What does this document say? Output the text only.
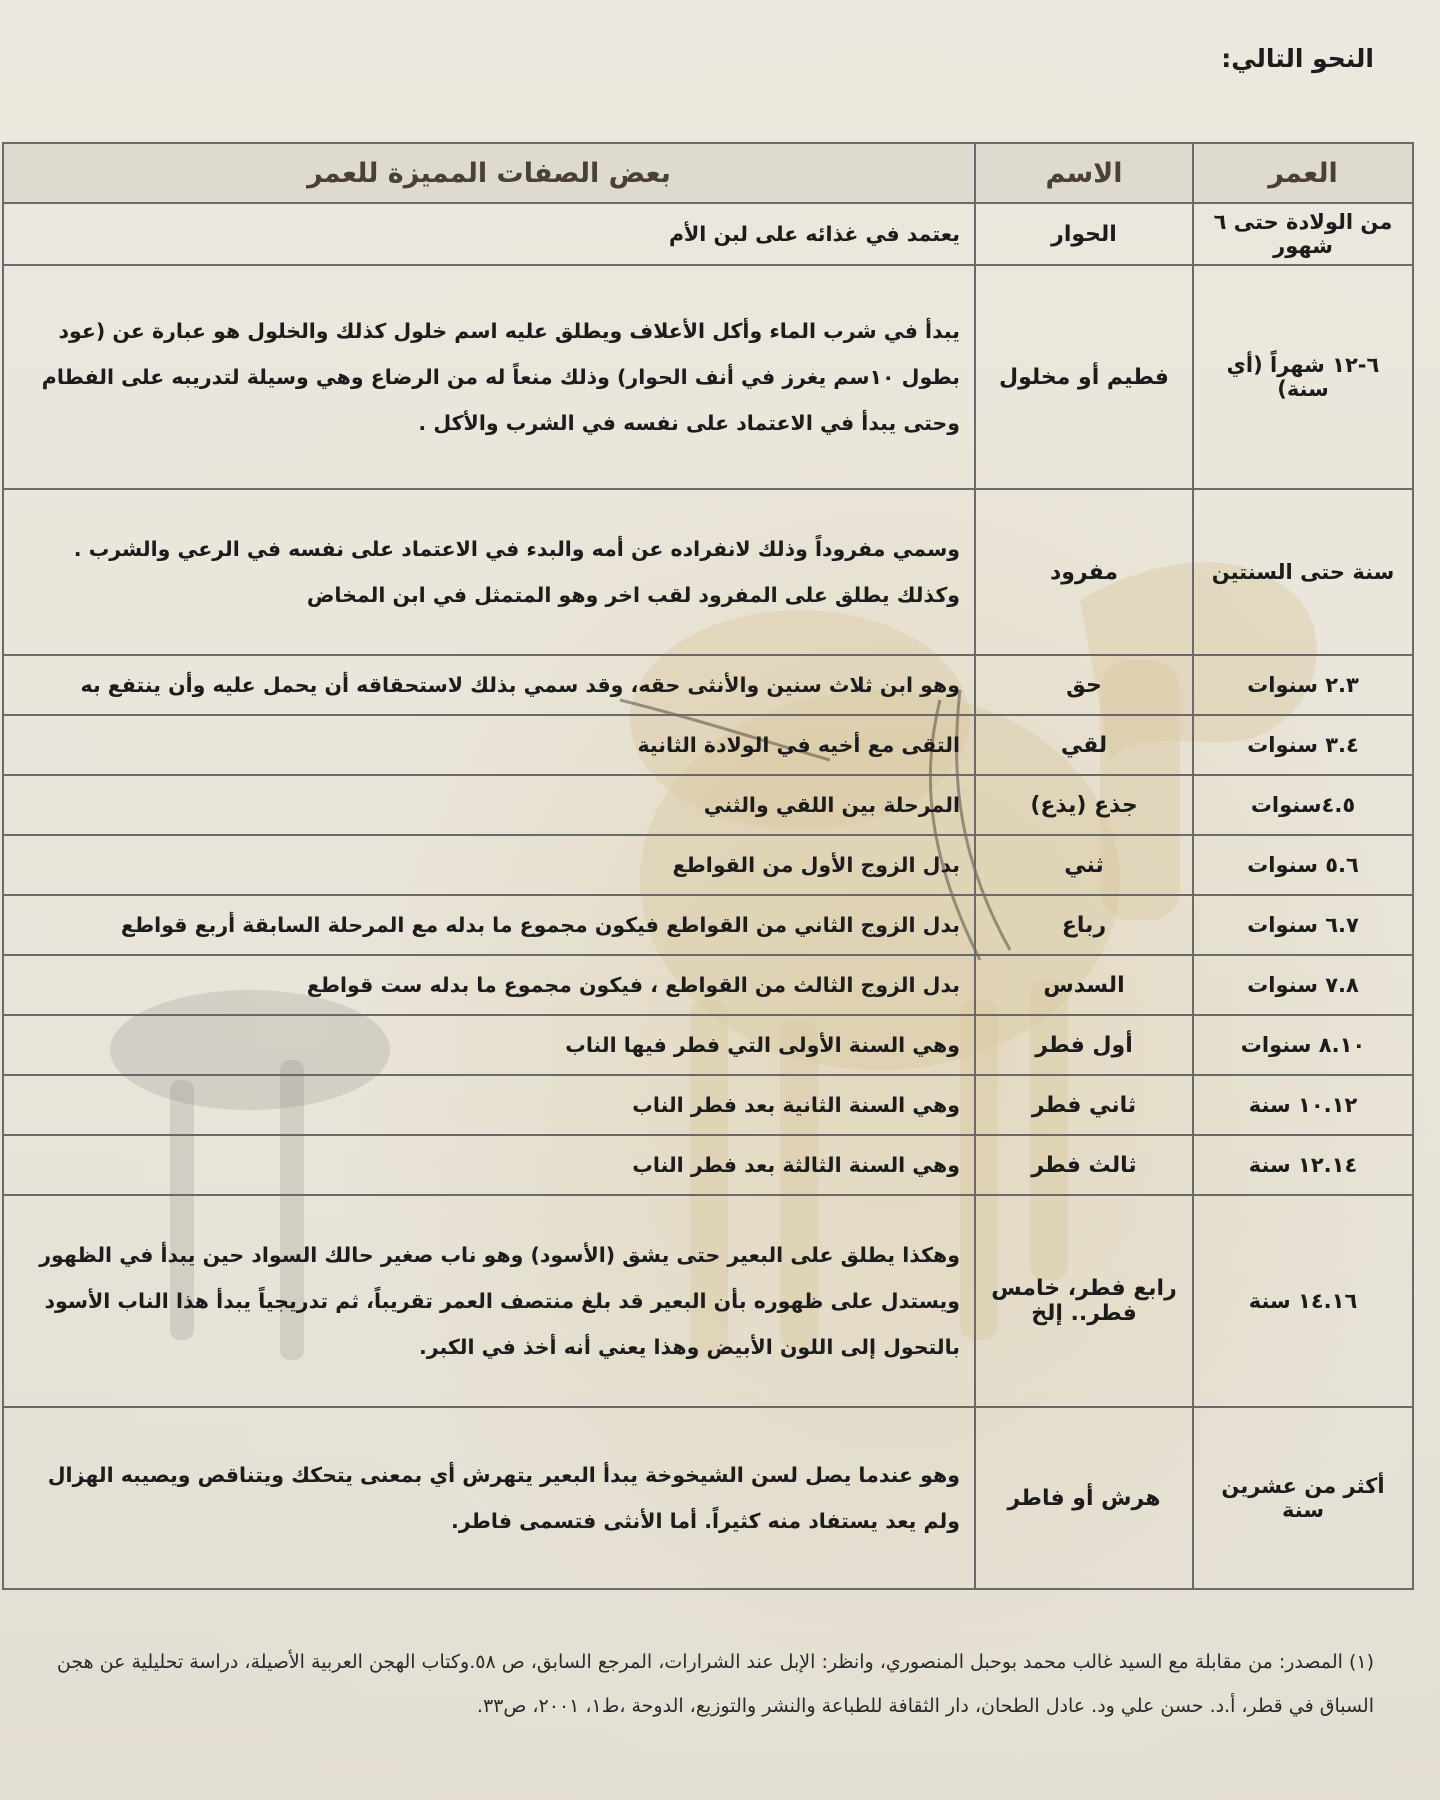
النحو التالي:
العمر	الاسم	بعض الصفات المميزة للعمر
من الولادة حتى ٦ شهور	الحوار	يعتمد في غذائه على لبن الأم
٦-١٢ شهراً (أي سنة)	فطيم أو مخلول	يبدأ في شرب الماء وأكل الأعلاف ويطلق عليه اسم خلول كذلك والخلول هو عبارة عن (عود بطول ١٠سم يغرز في أنف الحوار) وذلك منعاً له من الرضاع وهي وسيلة لتدريبه على الفطام وحتى يبدأ في الاعتماد على نفسه في الشرب والأكل .
سنة حتى السنتين	مفرود	وسمي مفروداً وذلك لانفراده عن أمه والبدء في الاعتماد على نفسه في الرعي والشرب . وكذلك يطلق على المفرود لقب اخر وهو المتمثل في ابن المخاض
٢.٣ سنوات	حق	وهو ابن ثلاث سنين والأنثى حقه، وقد سمي بذلك لاستحقاقه أن يحمل عليه وأن ينتفع به
٣.٤ سنوات	لقي	التقى مع أخيه في الولادة الثانية
٤.٥سنوات	جذع (يذع)	المرحلة بين اللقي والثني
٥.٦ سنوات	ثني	بدل الزوج الأول من القواطع
٦.٧ سنوات	رباع	بدل الزوج الثاني من القواطع فيكون مجموع ما بدله مع المرحلة السابقة أربع قواطع
٧.٨ سنوات	السدس	بدل الزوج الثالث من القواطع ، فيكون مجموع ما بدله ست قواطع
٨.١٠ سنوات	أول فطر	وهي السنة الأولى التي فطر فيها الناب
١٠.١٢ سنة	ثاني فطر	وهي السنة الثانية بعد فطر الناب
١٢.١٤ سنة	ثالث فطر	وهي السنة الثالثة بعد فطر الناب
١٤.١٦ سنة	رابع فطر، خامس فطر.. إلخ	وهكذا يطلق على البعير حتى يشق (الأسود) وهو ناب صغير حالك السواد حين يبدأ في الظهور ويستدل على ظهوره بأن البعير قد بلغ منتصف العمر تقريباً، ثم تدريجياً يبدأ هذا الناب الأسود بالتحول إلى اللون الأبيض وهذا يعني أنه أخذ في الكبر.
أكثر من عشرين سنة	هرش أو فاطر	وهو عندما يصل لسن الشيخوخة يبدأ البعير يتهرش أي بمعنى يتحكك ويتناقص ويصيبه الهزال ولم يعد يستفاد منه كثيراً. أما الأنثى فتسمى فاطر.
(١) المصدر: من مقابلة مع السيد غالب محمد بوحبل المنصوري، وانظر: الإبل عند الشرارات، المرجع السابق، ص ٥٨.وكتاب الهجن العربية الأصيلة، دراسة تحليلية عن هجن السباق في قطر، أ.د. حسن علي ود. عادل الطحان، دار الثقافة للطباعة والنشر والتوزيع، الدوحة ،ط١، ٢٠٠١، ص٣٣.
